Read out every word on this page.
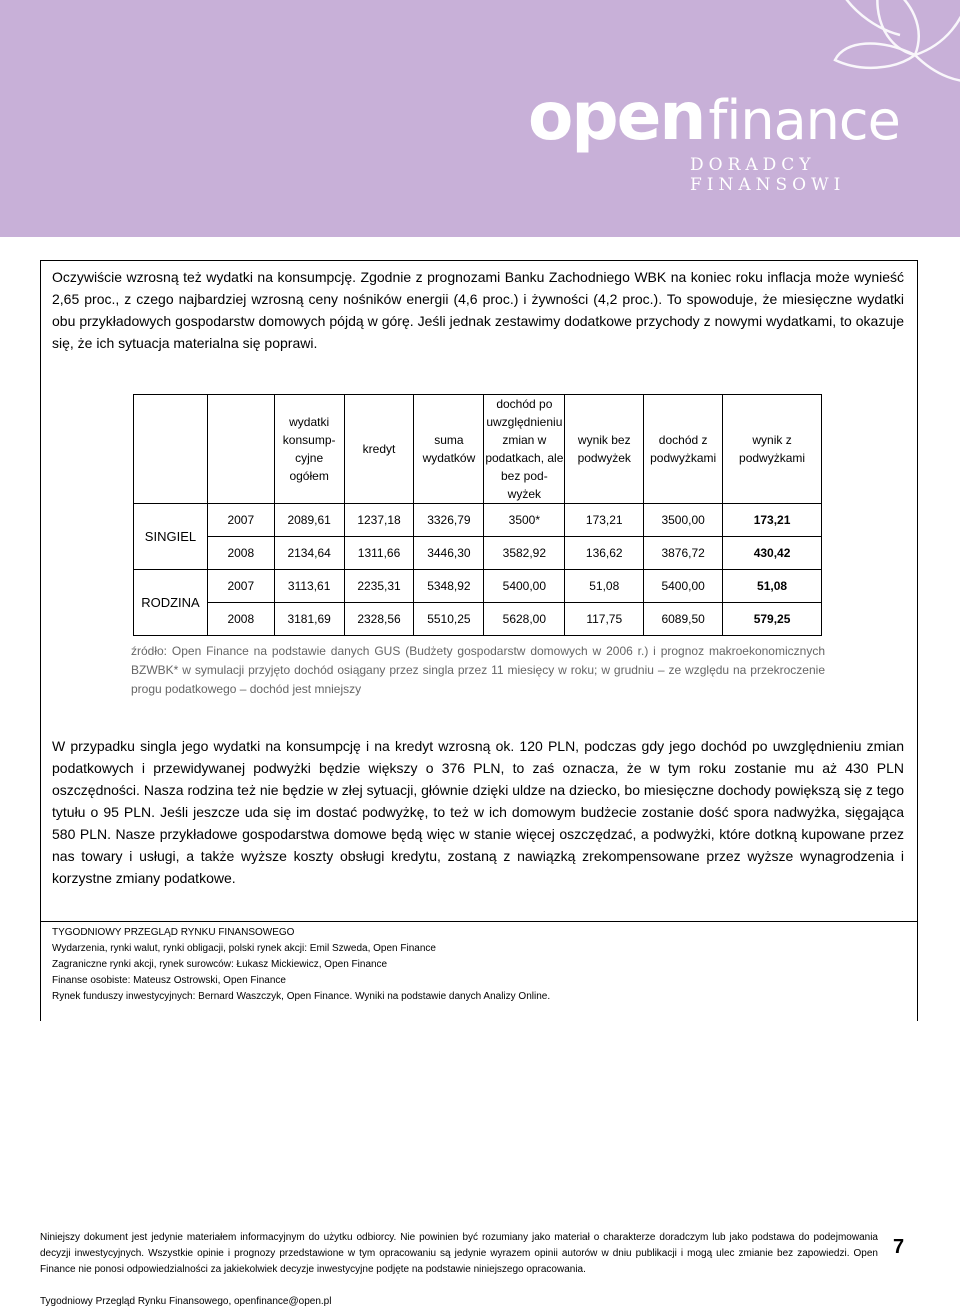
openfinance
DORADCY FINANSOWI

Oczywiście wzrosną też wydatki na konsumpcję. Zgodnie z prognozami Banku Zachodniego WBK na koniec roku inflacja może wynieść 2,65 proc., z czego najbardziej wzrosną ceny nośników energii (4,6 proc.) i żywności (4,2 proc.). To spowoduje, że miesięczne wydatki obu przykładowych gospodarstw domowych pójdą w górę. Jeśli jednak zestawimy dodatkowe przychody z nowymi wydatkami, to okazuje się, że ich sytuacja materialna się poprawi.

		wydatki konsump-cyjne ogółem	kredyt	suma wydatków	dochód po uwzględnieniu zmian w podatkach, ale bez pod-wyżek	wynik bez podwyżek	dochód z podwyżkami	wynik z podwyżkami
SINGIEL	2007	2089,61	1237,18	3326,79	3500*	173,21	3500,00	173,21
	2008	2134,64	1311,66	3446,30	3582,92	136,62	3876,72	430,42
RODZINA	2007	3113,61	2235,31	5348,92	5400,00	51,08	5400,00	51,08
	2008	3181,69	2328,56	5510,25	5628,00	117,75	6089,50	579,25

źródło: Open Finance na podstawie danych GUS (Budżety gospodarstw domowych w 2006 r.) i prognoz makroekonomicznych BZWBK* w symulacji przyjęto dochód osiągany przez singla przez 11 miesięcy w roku; w grudniu – ze względu na przekroczenie progu podatkowego – dochód jest mniejszy

W przypadku singla jego wydatki na konsumpcję i na kredyt wzrosną ok. 120 PLN, podczas gdy jego dochód po uwzględnieniu zmian podatkowych i przewidywanej podwyżki będzie większy o 376 PLN, to zaś oznacza, że w tym roku zostanie mu aż 430 PLN oszczędności. Nasza rodzina też nie będzie w złej sytuacji, głównie dzięki uldze na dziecko, bo miesięczne dochody powiększą się z tego tytułu o 95 PLN. Jeśli jeszcze uda się im dostać podwyżkę, to też w ich domowym budżecie zostanie dość spora nadwyżka, sięgająca 580 PLN. Nasze przykładowe gospodarstwa domowe będą więc w stanie więcej oszczędzać, a podwyżki, które dotkną kupowane przez nas towary i usługi, a także wyższe koszty obsługi kredytu, zostaną z nawiązką zrekompensowane przez wyższe wynagrodzenia i korzystne zmiany podatkowe.

TYGODNIOWY PRZEGLĄD RYNKU FINANSOWEGO
Wydarzenia, rynki walut, rynki obligacji, polski rynek akcji: Emil Szweda, Open Finance
Zagraniczne rynki akcji, rynek surowców: Łukasz Mickiewicz, Open Finance
Finanse osobiste: Mateusz Ostrowski, Open Finance
Rynek funduszy inwestycyjnych: Bernard Waszczyk, Open Finance. Wyniki na podstawie danych Analizy Online.

Niniejszy dokument jest jedynie materiałem informacyjnym do użytku odbiorcy. Nie powinien być rozumiany jako materiał o charakterze doradczym lub jako podstawa do podejmowania decyzji inwestycyjnych. Wszystkie opinie i prognozy przedstawione w tym opracowaniu są jedynie wyrazem opinii autorów w dniu publikacji i mogą ulec zmianie bez zapowiedzi. Open Finance nie ponosi odpowiedzialności za jakiekolwiek decyzje inwestycyjne podjęte na podstawie niniejszego opracowania.

7
Tygodniowy Przegląd Rynku Finansowego, openfinance@open.pl
